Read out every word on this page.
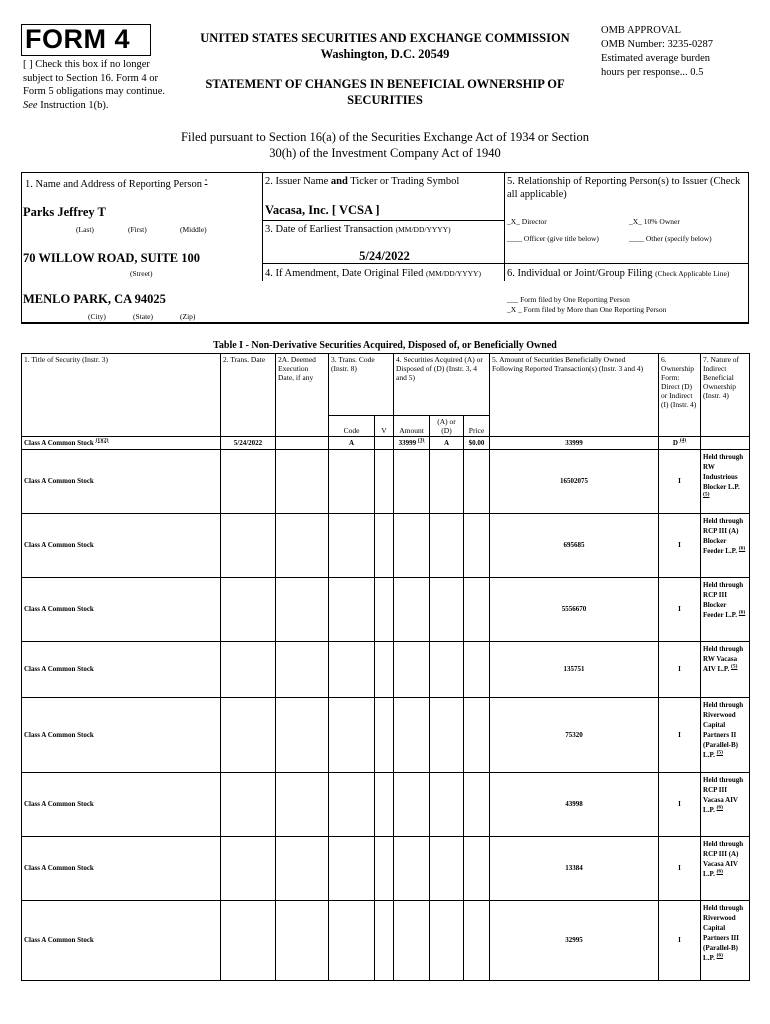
FORM 4
[ ] Check this box if no longer subject to Section 16. Form 4 or Form 5 obligations may continue. See Instruction 1(b).
UNITED STATES SECURITIES AND EXCHANGE COMMISSION
Washington, D.C. 20549
STATEMENT OF CHANGES IN BENEFICIAL OWNERSHIP OF SECURITIES
OMB APPROVAL
OMB Number: 3235-0287
Estimated average burden
hours per response... 0.5
Filed pursuant to Section 16(a) of the Securities Exchange Act of 1934 or Section 30(h) of the Investment Company Act of 1940
1. Name and Address of Reporting Person *
Parks Jeffrey T
(Last)	(First)	(Middle)
70 WILLOW ROAD, SUITE 100
(Street)
MENLO PARK, CA 94025
(City)	(State)	(Zip)
2. Issuer Name and Ticker or Trading Symbol
Vacasa, Inc. [ VCSA ]
3. Date of Earliest Transaction (MM/DD/YYYY)
5/24/2022
4. If Amendment, Date Original Filed (MM/DD/YYYY)
5. Relationship of Reporting Person(s) to Issuer (Check all applicable)
_X_ Director	_X_ 10% Owner
____ Officer (give title below)	____ Other (specify below)
6. Individual or Joint/Group Filing (Check Applicable Line)
___ Form filed by One Reporting Person
_X _ Form filed by More than One Reporting Person
Table I - Non-Derivative Securities Acquired, Disposed of, or Beneficially Owned
1. Title of Security (Instr. 3)	2. Trans. Date	2A. Deemed Execution Date, if any	3. Trans. Code (Instr. 8)		4. Securities Acquired (A) or Disposed of (D) (Instr. 3, 4 and 5)			5. Amount of Securities Beneficially Owned Following Reported Transaction(s) (Instr. 3 and 4)	6. Ownership Form: Direct (D) or Indirect (I) (Instr. 4)	7. Nature of Indirect Beneficial Ownership (Instr. 4)
			Code	V	Amount	(A) or (D)	Price			
Class A Common Stock $^{(1)(2)}$	5/24/2022		A		33999 $^{(3)}$	A	$0.00	33999	D $^{(4)}$	
Class A Common Stock								16502075	I	Held through RW Industrious Blocker L.P. $^{(5)}$
Class A Common Stock								695685	I	Held through RCP III (A) Blocker Feeder L.P. $^{(6)}$
Class A Common Stock								5556670	I	Held through RCP III Blocker Feeder L.P. $^{(6)}$
Class A Common Stock								135751	I	Held through RW Vacasa AIV L.P. $^{(5)}$
Class A Common Stock								75320	I	Held through Riverwood Capital Partners II (Parallel-B) L.P. $^{(5)}$
Class A Common Stock								43998	I	Held through RCP III Vacasa AIV L.P. $^{(6)}$
Class A Common Stock								13384	I	Held through RCP III (A) Vacasa AIV L.P. $^{(6)}$
Class A Common Stock								32995	I	Held through Riverwood Capital Partners III (Parallel-B) L.P. $^{(6)}$
